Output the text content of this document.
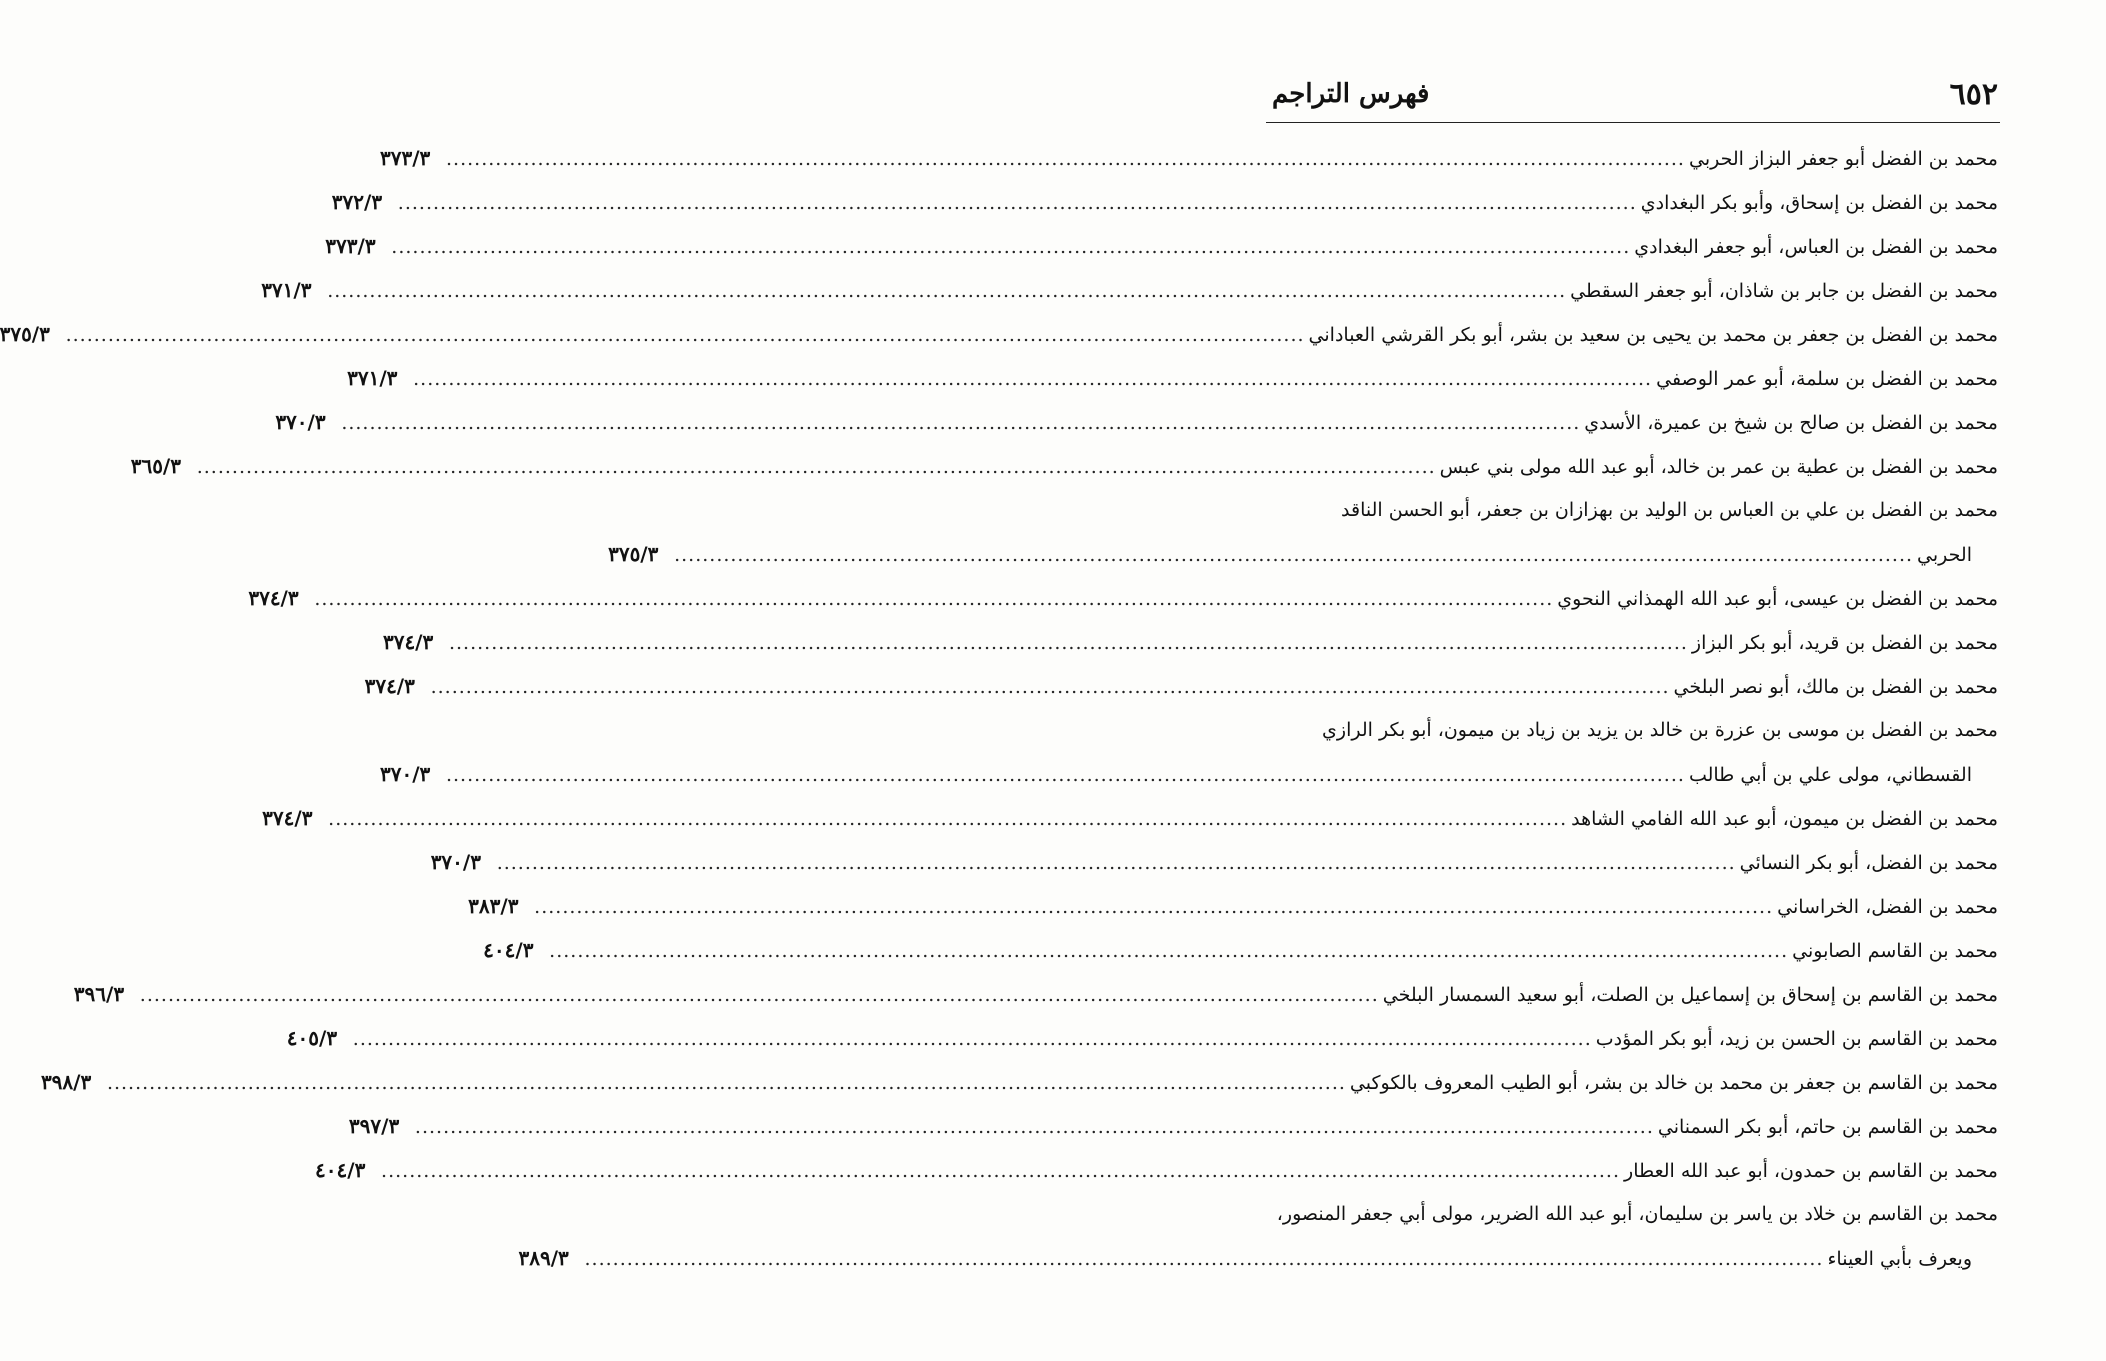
٦٥٢
فهرس التراجم
محمد بن الفضل أبو جعفر البزاز الحربي
.....
٣٧٣/٣
محمد بن الفضل بن إسحاق، وأبو بكر البغدادي
.....
٣٧٢/٣
محمد بن الفضل بن العباس، أبو جعفر البغدادي
.....
٣٧٣/٣
محمد بن الفضل بن جابر بن شاذان، أبو جعفر السقطي
.....
٣٧١/٣
محمد بن الفضل بن جعفر بن محمد بن يحيى بن سعيد بن بشر، أبو بكر القرشي العباداني
.....
٣٧٥/٣
محمد بن الفضل بن سلمة، أبو عمر الوصفي
.....
٣٧١/٣
محمد بن الفضل بن صالح بن شيخ بن عميرة، الأسدي
.....
٣٧٠/٣
محمد بن الفضل بن عطية بن عمر بن خالد، أبو عبد الله مولى بني عبس
.....
٣٦٥/٣
محمد بن الفضل بن علي بن العباس بن الوليد بن بهزازان بن جعفر، أبو الحسن الناقد
الحربي
.....
٣٧٥/٣
محمد بن الفضل بن عيسى، أبو عبد الله الهمذاني النحوي
.....
٣٧٤/٣
محمد بن الفضل بن قريد، أبو بكر البزاز
.....
٣٧٤/٣
محمد بن الفضل بن مالك، أبو نصر البلخي
.....
٣٧٤/٣
محمد بن الفضل بن موسى بن عزرة بن خالد بن يزيد بن زياد بن ميمون، أبو بكر الرازي
القسطاني، مولى علي بن أبي طالب
.....
٣٧٠/٣
محمد بن الفضل بن ميمون، أبو عبد الله الفامي الشاهد
.....
٣٧٤/٣
محمد بن الفضل، أبو بكر النسائي
.....
٣٧٠/٣
محمد بن الفضل، الخراساني
.....
٣٨٣/٣
محمد بن القاسم الصابوني
.....
٤٠٤/٣
محمد بن القاسم بن إسحاق بن إسماعيل بن الصلت، أبو سعيد السمسار البلخي
.....
٣٩٦/٣
محمد بن القاسم بن الحسن بن زيد، أبو بكر المؤدب
.....
٤٠٥/٣
محمد بن القاسم بن جعفر بن محمد بن خالد بن بشر، أبو الطيب المعروف بالكوكبي
.....
٣٩٨/٣
محمد بن القاسم بن حاتم، أبو بكر السمناني
.....
٣٩٧/٣
محمد بن القاسم بن حمدون، أبو عبد الله العطار
.....
٤٠٤/٣
محمد بن القاسم بن خلاد بن ياسر بن سليمان، أبو عبد الله الضرير، مولى أبي جعفر المنصور،
ويعرف بأبي العيناء
.....
٣٨٩/٣
